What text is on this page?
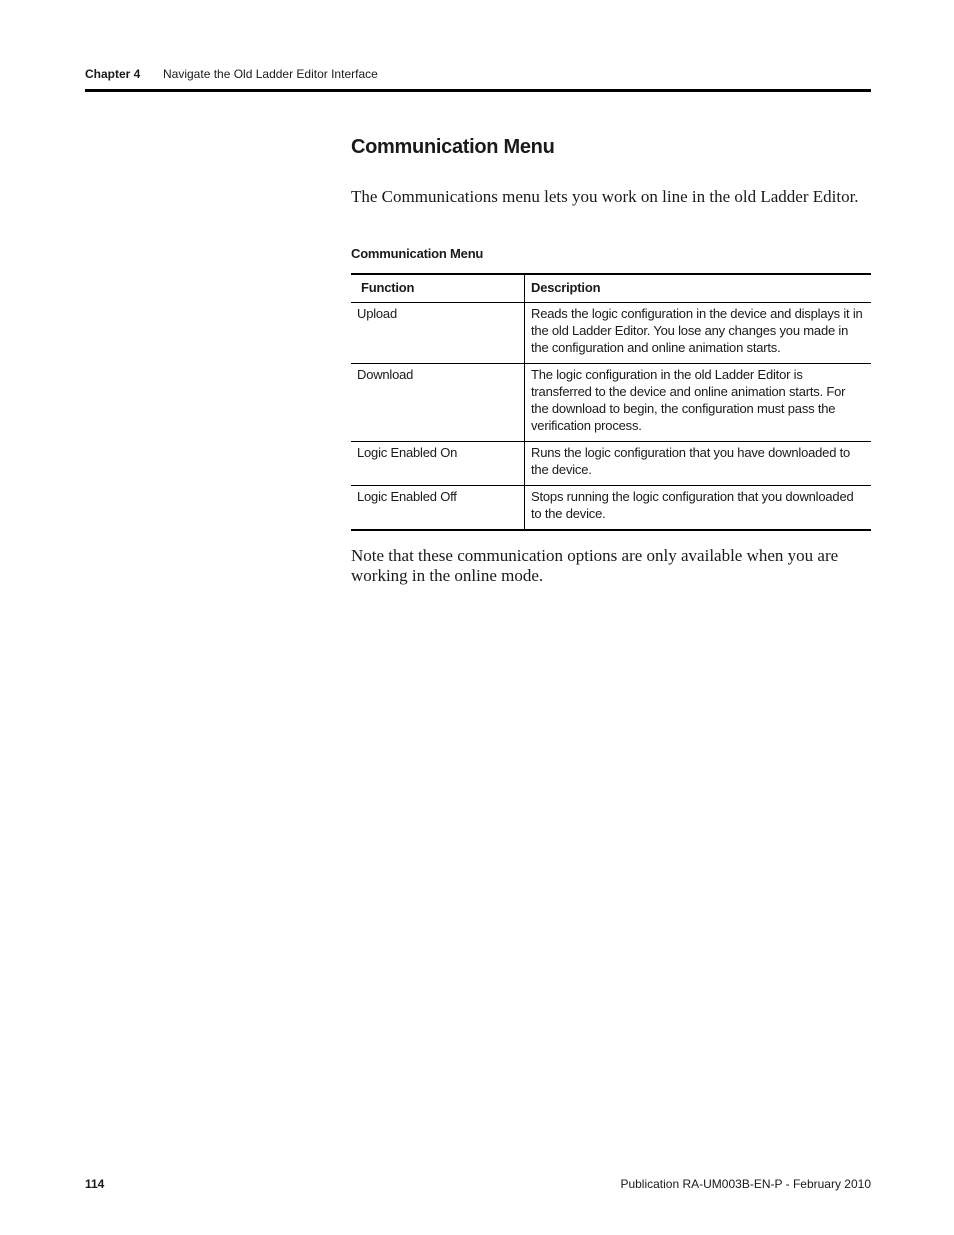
Chapter 4 Navigate the Old Ladder Editor Interface
Communication Menu

The Communications menu lets you work on line in the old Ladder Editor.

Communication Menu

Function	Description
Upload	Reads the logic configuration in the device and displays it in the old Ladder Editor. You lose any changes you made in the configuration and online animation starts.
Download	The logic configuration in the old Ladder Editor is transferred to the device and online animation starts. For the download to begin, the configuration must pass the verification process.
Logic Enabled On	Runs the logic configuration that you have downloaded to the device.
Logic Enabled Off	Stops running the logic configuration that you downloaded to the device.

Note that these communication options are only available when you are working in the online mode.

114	Publication RA-UM003B-EN-P - February 2010
